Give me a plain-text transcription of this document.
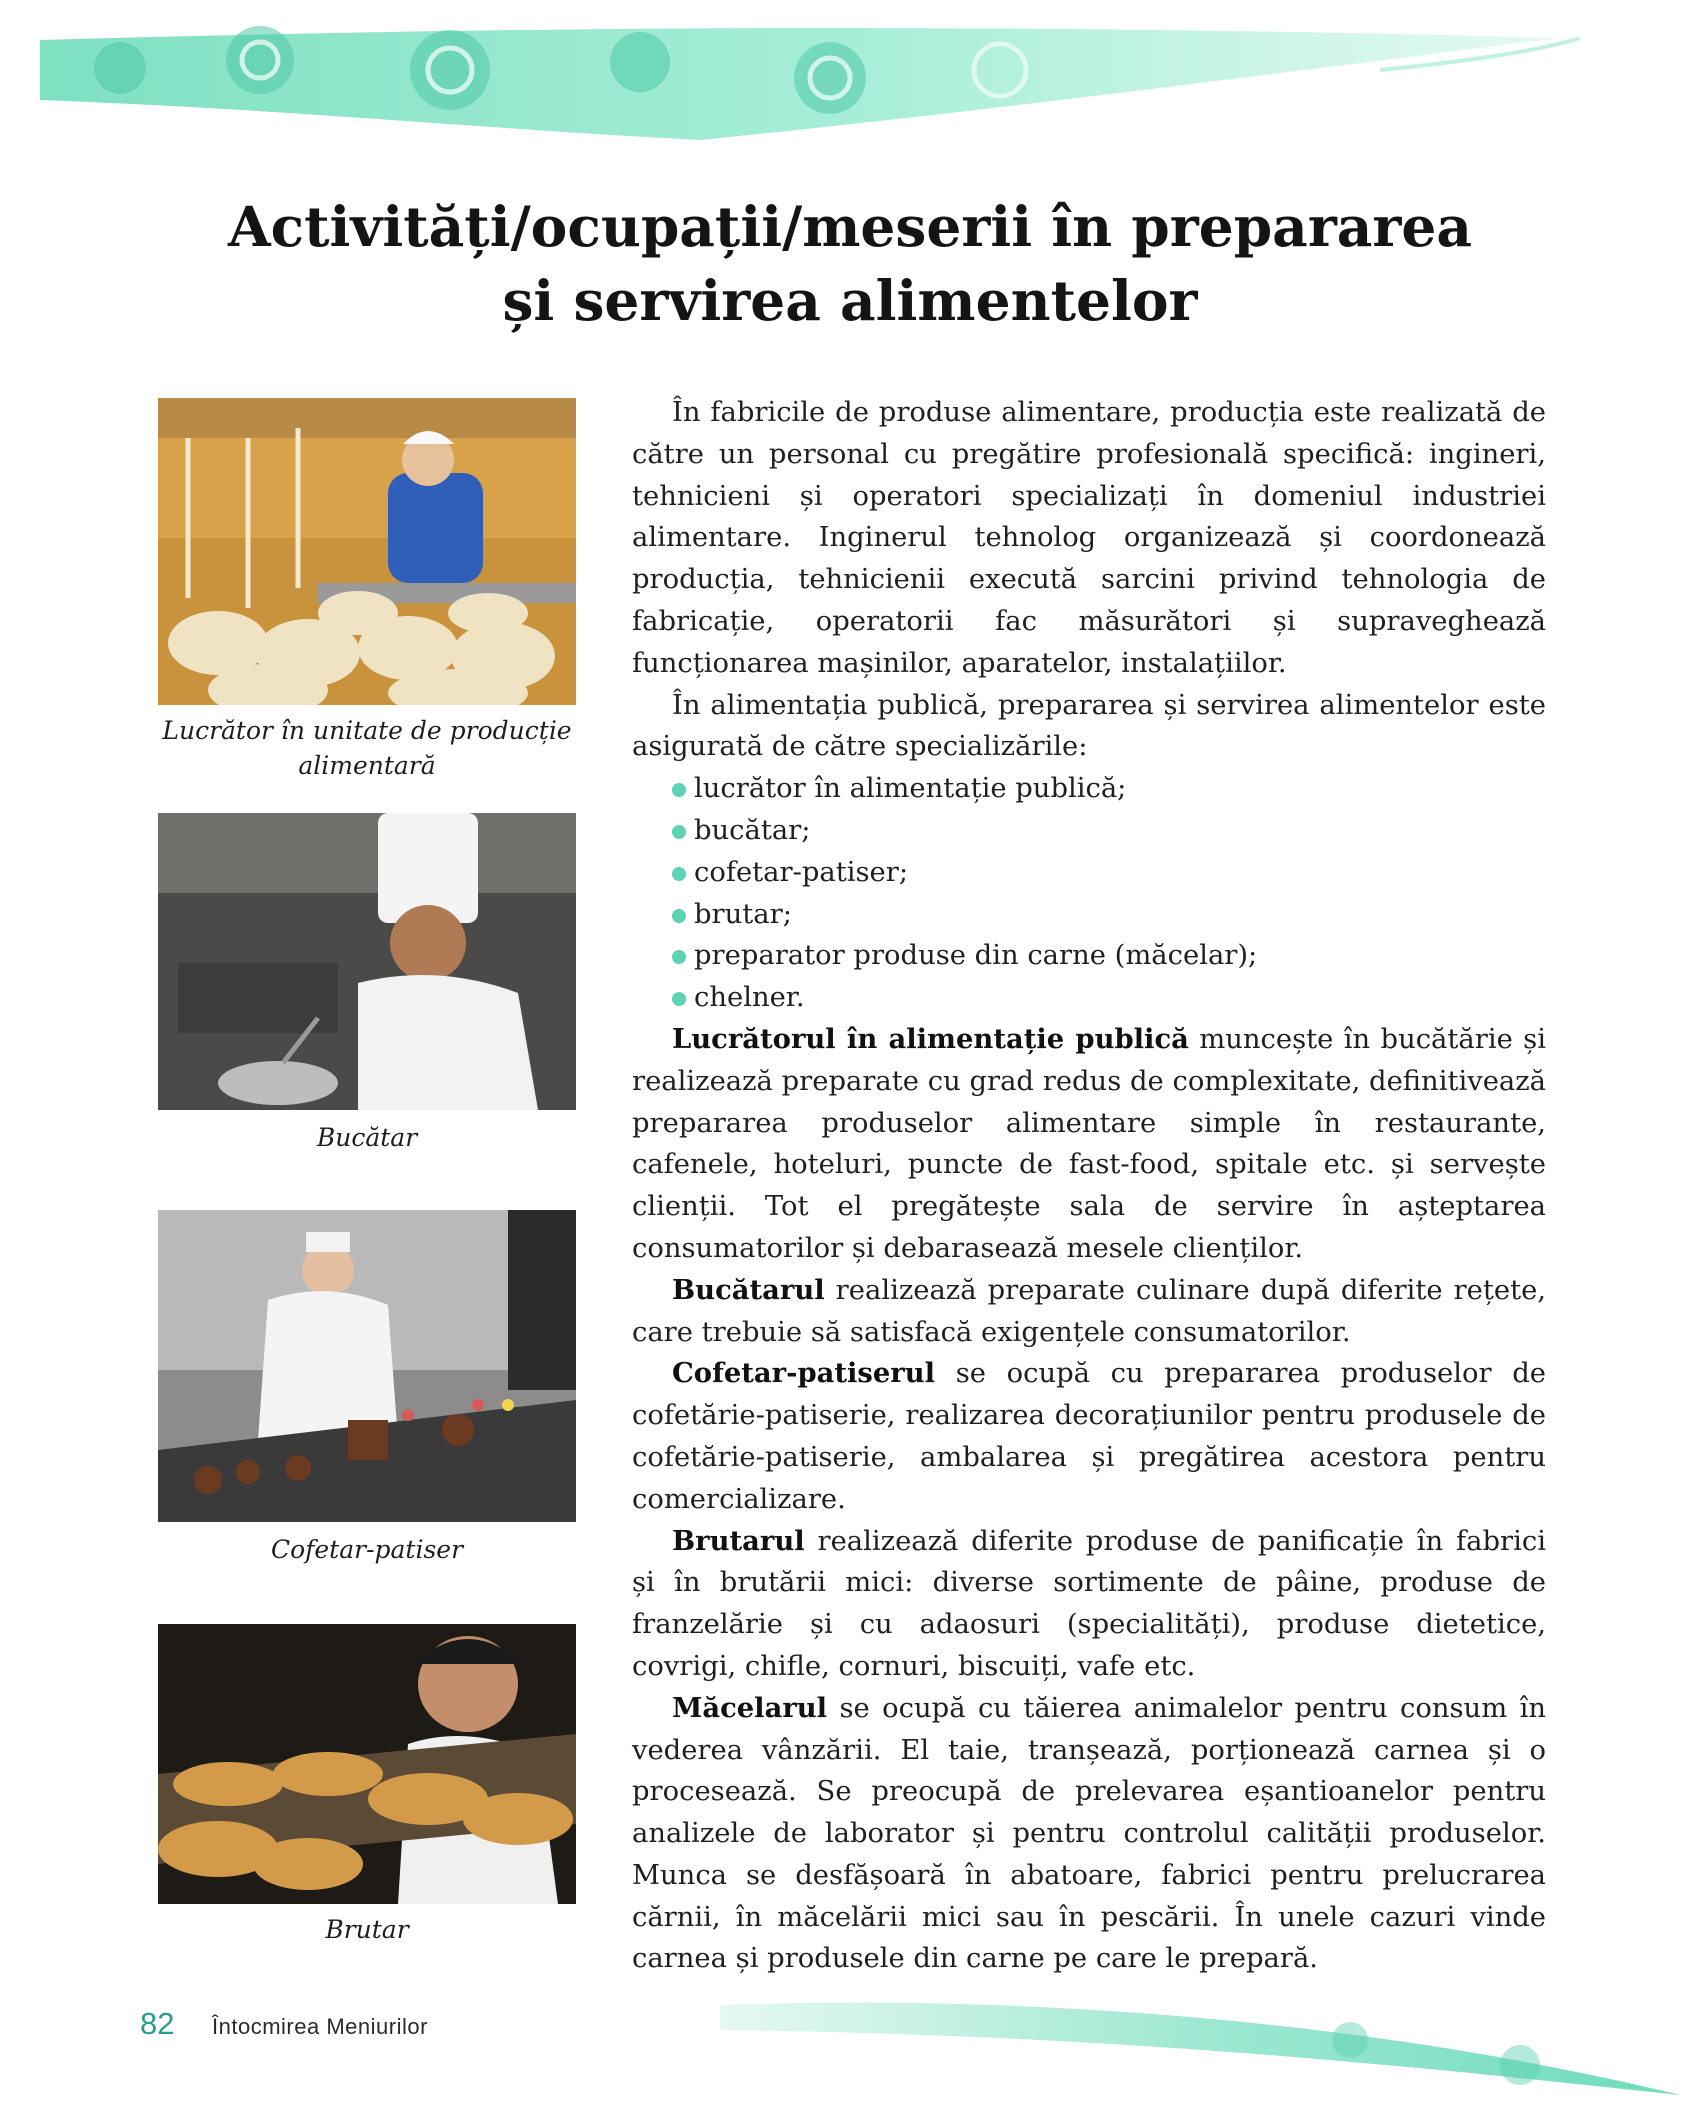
Activități/ocupații/meserii în prepararea
și servirea alimentelor
Lucrător în unitate de producție alimentară
Bucătar
Cofetar-patiser
Brutar

În fabricile de produse alimentare, producția este realizată de către un personal cu pregătire profesională specifică: ingineri, tehnicieni și operatori specializați în domeniul industriei alimentare. Inginerul tehnolog organizează și coordonează producția, tehnicienii execută sarcini privind tehnologia de fabricație, operatorii fac măsurători și supraveghează funcționarea mașinilor, aparatelor, instalațiilor.

În alimentația publică, prepararea și servirea alimentelor este asigurată de către specializările:

lucrător în alimentație publică;
bucătar;
cofetar-patiser;
brutar;
preparator produse din carne (măcelar);
chelner.

Lucrătorul în alimentație publică muncește în bucătărie și realizează preparate cu grad redus de complexitate, definitivează prepararea produselor alimentare simple în restaurante, cafenele, hoteluri, puncte de fast-food, spitale etc. și servește clienții. Tot el pregătește sala de servire în așteptarea consumatorilor și debarasează mesele clienților.

Bucătarul realizează preparate culinare după diferite rețete, care trebuie să satisfacă exigențele consumatorilor.

Cofetar-patiserul se ocupă cu prepararea produselor de cofetărie-patiserie, realizarea decorațiunilor pentru produsele de cofetărie-patiserie, ambalarea și pregătirea acestora pentru comercializare.

Brutarul realizează diferite produse de panificație în fabrici și în brutării mici: diverse sortimente de pâine, produse de franzelărie și cu adaosuri (specialități), produse dietetice, covrigi, chifle, cornuri, biscuiți, vafe etc.

Măcelarul se ocupă cu tăierea animalelor pentru consum în vederea vânzării. El taie, tranșează, porționează carnea și o procesează. Se preocupă de prelevarea eșantioanelor pentru analizele de laborator și pentru controlul calității produselor. Munca se desfășoară în abatoare, fabrici pentru prelucrarea cărnii, în măcelării mici sau în pescării. În unele cazuri vinde carnea și produsele din carne pe care le prepară.

82 Întocmirea Meniurilor
